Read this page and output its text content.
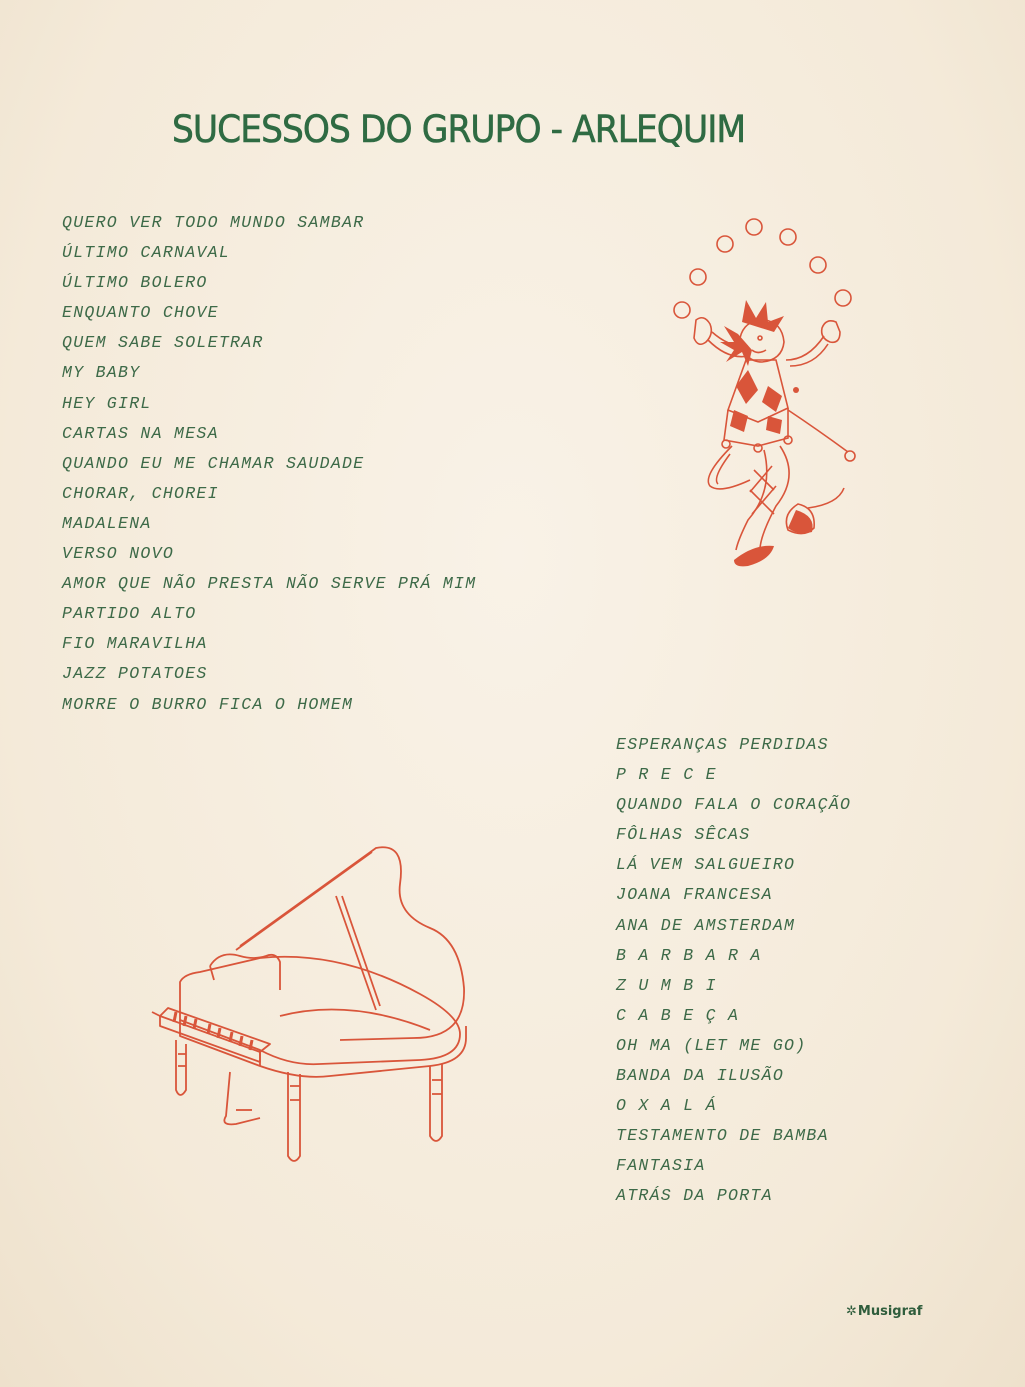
SUCESSOS DO GRUPO - ARLEQUIM
QUERO VER TODO MUNDO SAMBAR
ÚLTIMO CARNAVAL
ÚLTIMO BOLERO
ENQUANTO CHOVE
QUEM SABE SOLETRAR
MY BABY
HEY GIRL
CARTAS NA MESA
QUANDO EU ME CHAMAR SAUDADE
CHORAR, CHOREI
MADALENA
VERSO NOVO
AMOR QUE NÃO PRESTA NÃO SERVE PRÁ MIM
PARTIDO ALTO
FIO MARAVILHA
JAZZ POTATOES
MORRE O BURRO FICA O HOMEM
ESPERANÇAS PERDIDAS
P R E C E
QUANDO FALA O CORAÇÃO
FÔLHAS SÊCAS
LÁ VEM SALGUEIRO
JOANA FRANCESA
ANA DE AMSTERDAM
B A R B A R A
Z U M B I
C A B E Ç A
OH MA (LET ME GO)
BANDA DA ILUSÃO
O X A L Á
TESTAMENTO DE BAMBA
FANTASIA
ATRÁS DA PORTA
✲Musigraf
